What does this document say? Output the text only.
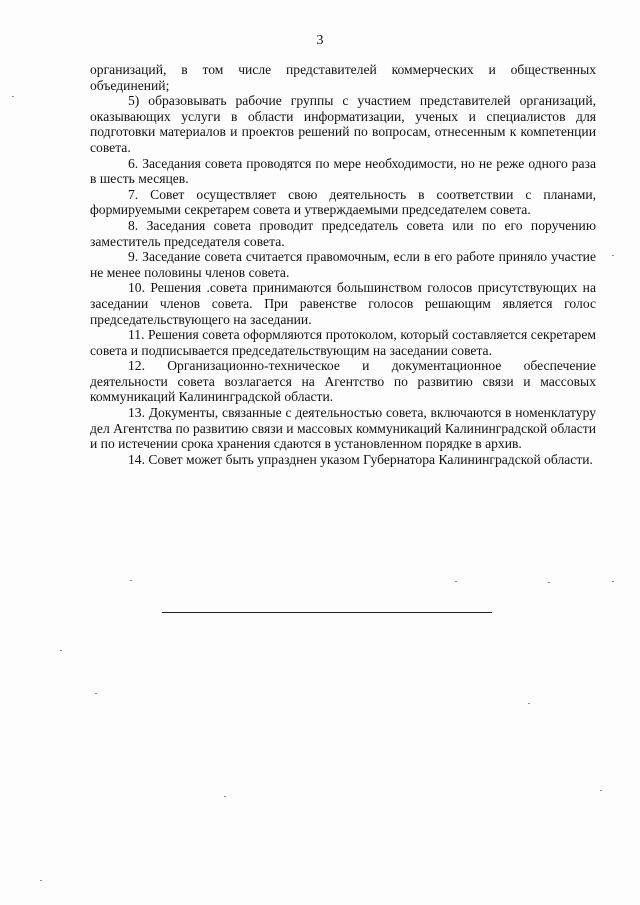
3

организаций, в том числе представителей коммерческих и общественных объединений;

5) образовывать рабочие группы с участием представителей организаций, оказывающих услуги в области информатизации, ученых и специалистов для подготовки материалов и проектов решений по вопросам, отнесенным к компетенции совета.

6. Заседания совета проводятся по мере необходимости, но не реже одного раза в шесть месяцев.

7. Совет осуществляет свою деятельность в соответствии с планами, формируемыми секретарем совета и утверждаемыми председателем совета.

8. Заседания совета проводит председатель совета или по его поручению заместитель председателя совета.

9. Заседание совета считается правомочным, если в его работе приняло участие не менее половины членов совета.

10. Решения .совета принимаются большинством голосов присутствующих на заседании членов совета. При равенстве голосов решающим является голос председательствующего на заседании.

11. Решения совета оформляются протоколом, который составляется секретарем совета и подписывается председательствующим на заседании совета.

12. Организационно-техническое и документационное обеспечение деятельности совета возлагается на Агентство по развитию связи и массовых коммуникаций Калининградской области.

13. Документы, связанные с деятельностью совета, включаются в номенклатуру дел Агентства по развитию связи и массовых коммуникаций Калининградской области и по истечении срока хранения сдаются в установленном порядке в архив.

14. Совет может быть упразднен указом Губернатора Калининградской области.
